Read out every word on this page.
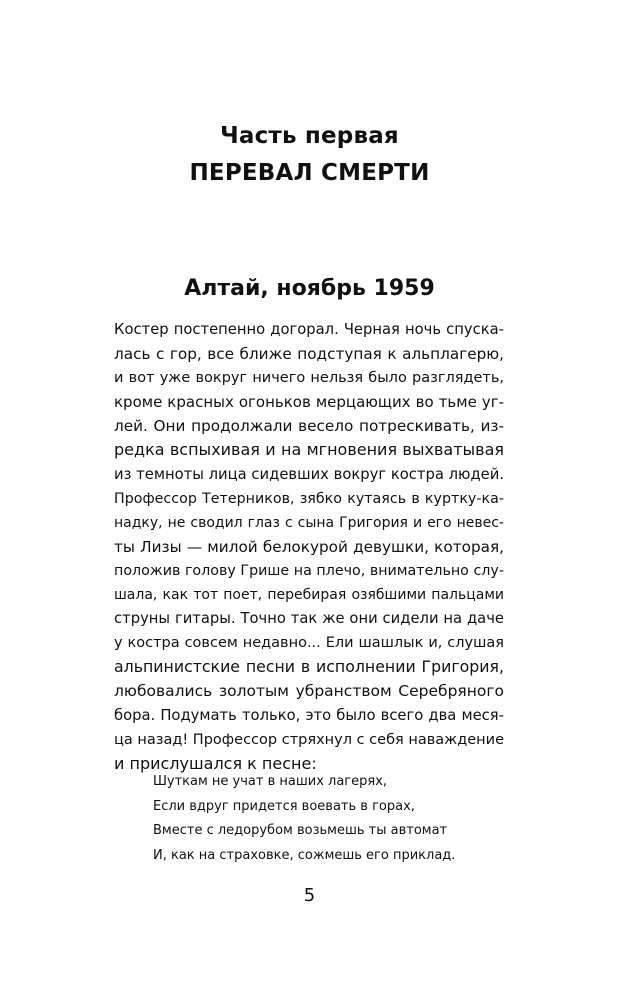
Часть первая
ПЕРЕВАЛ СМЕРТИ
Алтай, ноябрь 1959
Костер постепенно догорал. Черная ночь спуска-
лась с гор, все ближе подступая к альплагерю,
и вот уже вокруг ничего нельзя было разглядеть,
кроме красных огоньков мерцающих во тьме уг-
лей. Они продолжали весело потрескивать, из-
редка вспыхивая и на мгновения выхватывая
из темноты лица сидевших вокруг костра людей.
Профессор Тетерников, зябко кутаясь в куртку-ка-
надку, не сводил глаз с сына Григория и его невес-
ты Лизы — милой белокурой девушки, которая,
положив голову Грише на плечо, внимательно слу-
шала, как тот поет, перебирая озябшими пальцами
струны гитары. Точно так же они сидели на даче
у костра совсем недавно... Ели шашлык и, слушая
альпинистские песни в исполнении Григория,
любовались золотым убранством Серебряного
бора. Подумать только, это было всего два меся-
ца назад! Профессор стряхнул с себя наваждение
и прислушался к песне:
Шуткам не учат в наших лагерях,
Если вдруг придется воевать в горах,
Вместе с ледорубом возьмешь ты автомат
И, как на страховке, сожмешь его приклад.
5
